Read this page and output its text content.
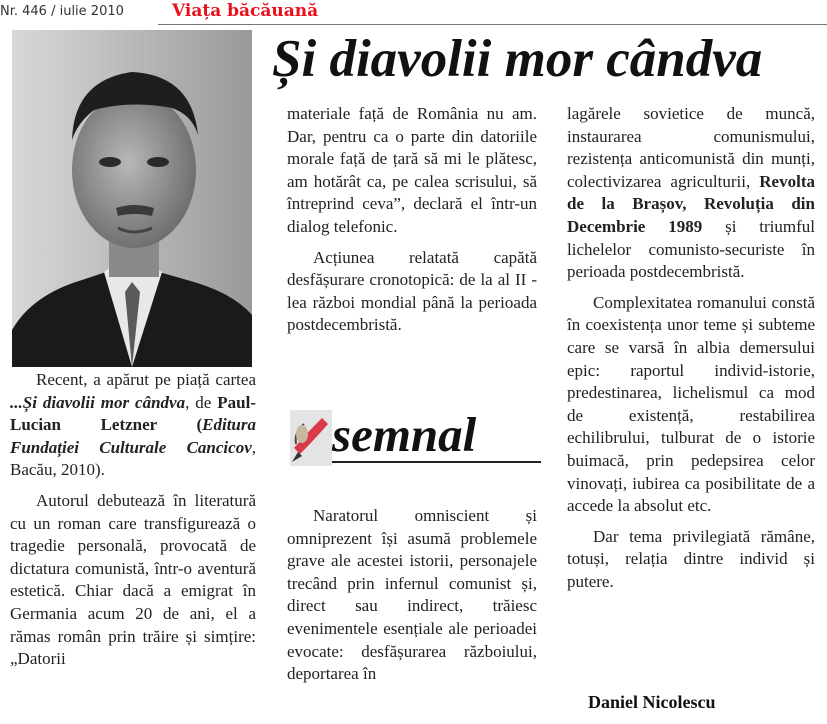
Nr. 446 / iulie 2010	Viața băcăuană
Și diavolii mor cândva

Recent, a apărut pe piață cartea ...Și diavolii mor cândva, de Paul-Lucian Letzner (Editura Fundației Culturale Cancicov, Bacău, 2010).

Autorul debutează în literatură cu un roman care transfigurează o tragedie personală, provocată de dictatura comunistă, într-o aventură estetică. Chiar dacă a emigrat în Germania acum 20 de ani, el a rămas român prin trăire și simțire: „Datorii

materiale față de România nu am. Dar, pentru ca o parte din datoriile morale față de țară să mi le plătesc, am hotărât ca, pe calea scrisului, să întreprind ceva”, declară el într-un dialog telefonic.

Acțiunea relatată capătă desfășurare cronotopică: de la al II - lea război mondial până la perioada postdecembristă.

semnal

Naratorul omniscient și omniprezent își asumă problemele grave ale acestei istorii, personajele trecând prin infernul comunist și, direct sau indirect, trăiesc evenimentele esențiale ale perioadei evocate: desfășurarea războiului, deportarea în

lagărele sovietice de muncă, instaurarea comunismului, rezistența anticomunistă din munți, colectivizarea agriculturii, Revolta de la Brașov, Revoluția din Decembrie 1989 și triumful lichelelor comunisto-securiste în perioada postdecembristă.

Complexitatea romanului constă în coexistența unor teme și subteme care se varsă în albia demersului epic: raportul individ-istorie, predestinarea, lichelismul ca mod de existență, restabilirea echilibrului, tulburat de o istorie buimacă, prin pedepsirea celor vinovați, iubirea ca posibilitate de a accede la absolut etc.

Dar tema privilegiată rămâne, totuși, relația dintre individ și putere.

Daniel Nicolescu
